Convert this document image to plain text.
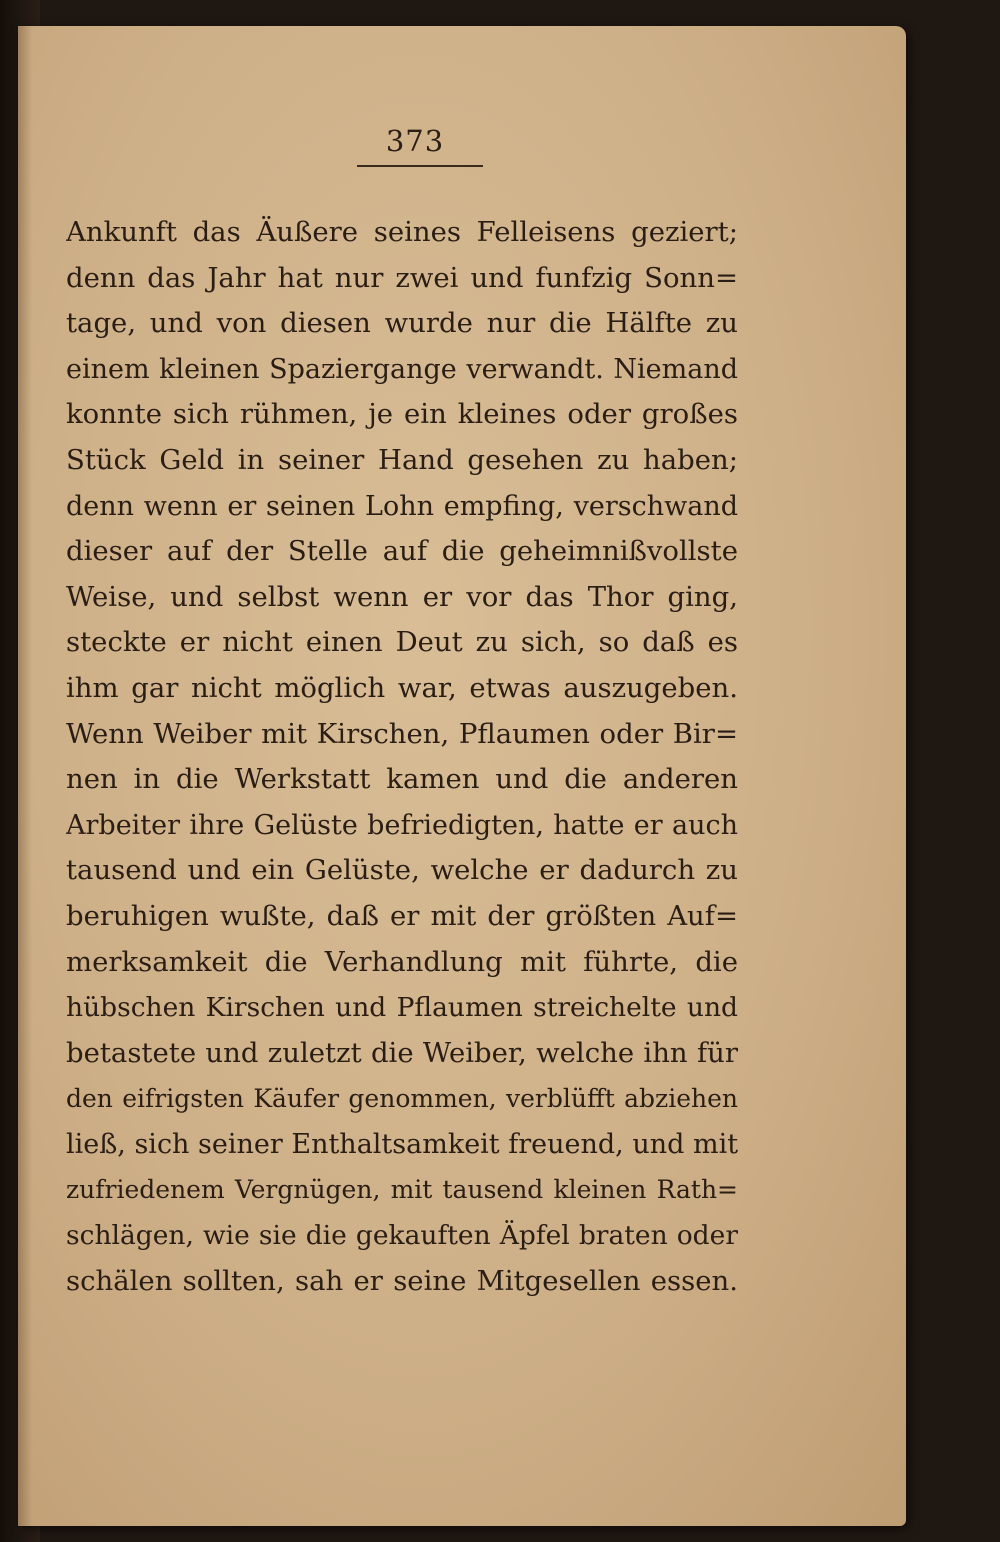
373
Ankunft das Äußere seines Felleisens geziert;
denn das Jahr hat nur zwei und funfzig Sonn=
tage, und von diesen wurde nur die Hälfte zu
einem kleinen Spaziergange verwandt. Niemand
konnte sich rühmen, je ein kleines oder großes
Stück Geld in seiner Hand gesehen zu haben;
denn wenn er seinen Lohn empfing, verschwand
dieser auf der Stelle auf die geheimnißvollste
Weise, und selbst wenn er vor das Thor ging,
steckte er nicht einen Deut zu sich, so daß es
ihm gar nicht möglich war, etwas auszugeben.
Wenn Weiber mit Kirschen, Pflaumen oder Bir=
nen in die Werkstatt kamen und die anderen
Arbeiter ihre Gelüste befriedigten, hatte er auch
tausend und ein Gelüste, welche er dadurch zu
beruhigen wußte, daß er mit der größten Auf=
merksamkeit die Verhandlung mit führte, die
hübschen Kirschen und Pflaumen streichelte und
betastete und zuletzt die Weiber, welche ihn für
den eifrigsten Käufer genommen, verblüfft abziehen
ließ, sich seiner Enthaltsamkeit freuend, und mit
zufriedenem Vergnügen, mit tausend kleinen Rath=
schlägen, wie sie die gekauften Äpfel braten oder
schälen sollten, sah er seine Mitgesellen essen.
